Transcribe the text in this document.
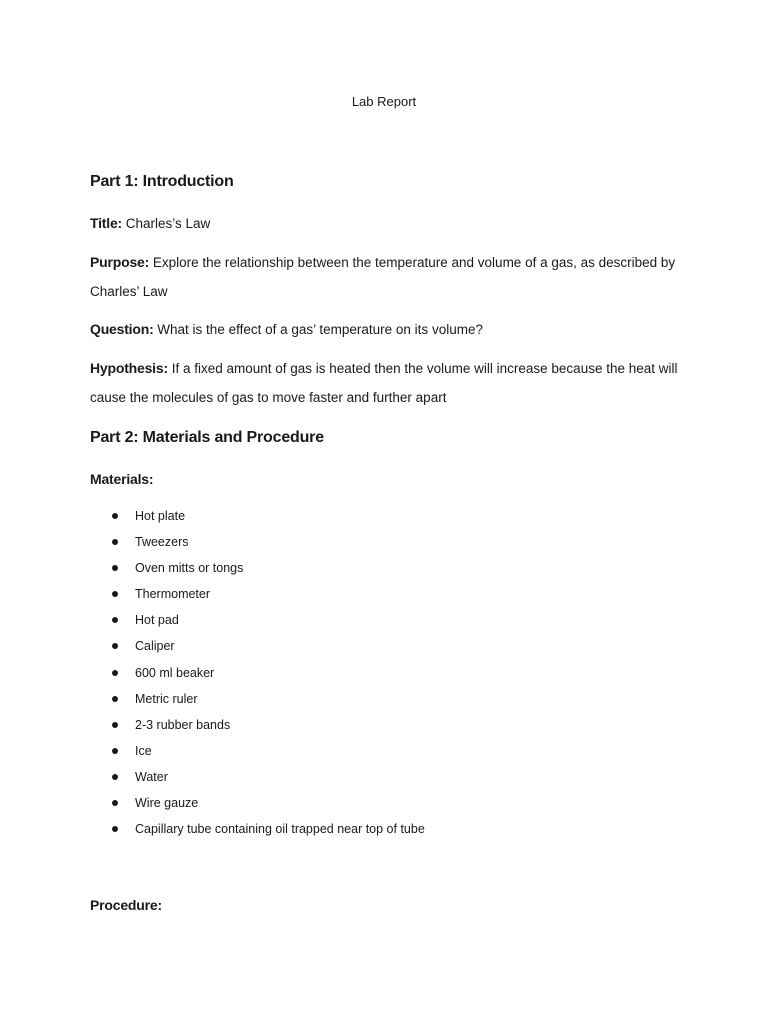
Lab Report
Part 1: Introduction
Title: Charles’s Law
Purpose: Explore the relationship between the temperature and volume of a gas, as described by Charles’ Law
Question: What is the effect of a gas’ temperature on its volume?
Hypothesis: If a fixed amount of gas is heated then the volume will increase because the heat will cause the molecules of gas to move faster and further apart
Part 2: Materials and Procedure
Materials:
Hot plate
Tweezers
Oven mitts or tongs
Thermometer
Hot pad
Caliper
600 ml beaker
Metric ruler
2-3 rubber bands
Ice
Water
Wire gauze
Capillary tube containing oil trapped near top of tube
Procedure:
